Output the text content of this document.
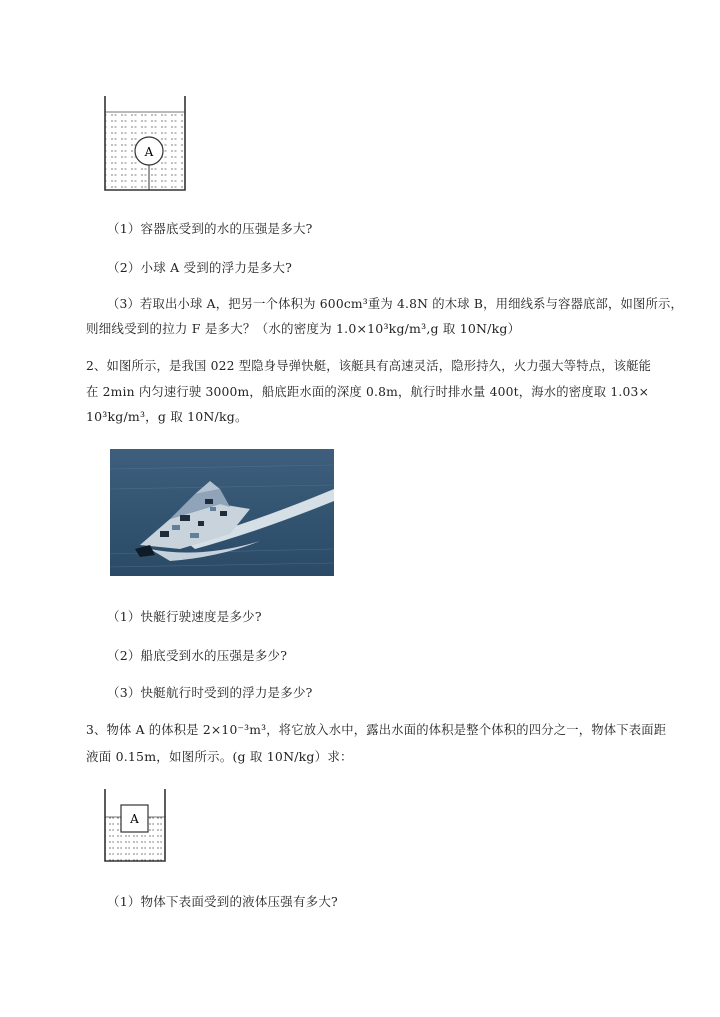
A
（1）容器底受到的水的压强是多大?
（2）小球 A 受到的浮力是多大?
（3）若取出小球 A，把另一个体积为 600cm³重为 4.8N 的木球 B，用细线系与容器底部，如图所示，
则细线受到的拉力 F 是多大？（水的密度为 1.0×10³kg/m³,g 取 10N/kg）
2、如图所示，是我国 022 型隐身导弹快艇，该艇具有高速灵活，隐形持久，火力强大等特点，该艇能
在 2min 内匀速行驶 3000m，船底距水面的深度 0.8m，航行时排水量 400t，海水的密度取 1.03×
10³kg/m³，g 取 10N/kg。
（1）快艇行驶速度是多少?
（2）船底受到水的压强是多少?
（3）快艇航行时受到的浮力是多少?
3、物体 A 的体积是 2×10⁻³m³，将它放入水中，露出水面的体积是整个体积的四分之一，物体下表面距
液面 0.15m，如图所示。(g 取 10N/kg）求：
A
（1）物体下表面受到的液体压强有多大?
